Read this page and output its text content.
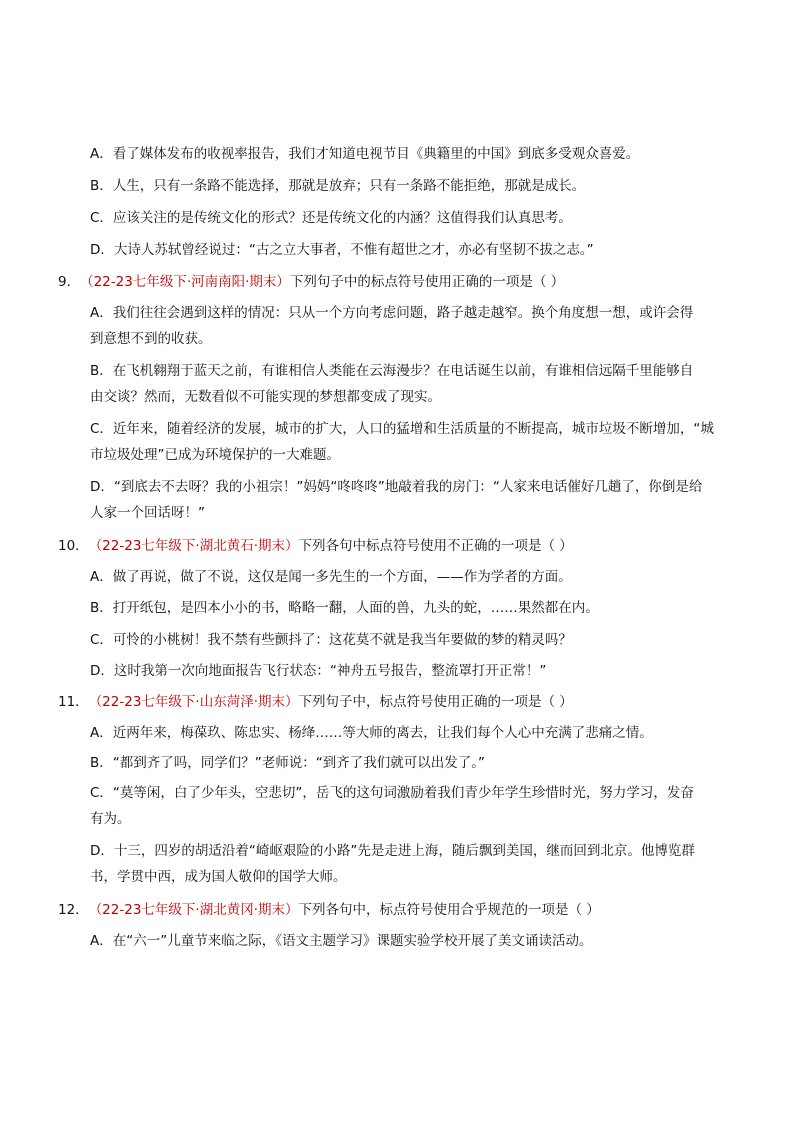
A．看了媒体发布的收视率报告，我们才知道电视节目《典籍里的中国》到底多受观众喜爱。
B．人生，只有一条路不能选择，那就是放弃；只有一条路不能拒绝，那就是成长。
C．应该关注的是传统文化的形式？还是传统文化的内涵？这值得我们认真思考。
D．大诗人苏轼曾经说过：“古之立大事者，不惟有超世之才，亦必有坚韧不拔之志。”
9．（22-23七年级下·河南南阳·期末）下列句子中的标点符号使用正确的一项是（ ）
A．我们往往会遇到这样的情况：只从一个方向考虑问题，路子越走越窄。换个角度想一想，或许会得
到意想不到的收获。
B．在飞机翱翔于蓝天之前，有谁相信人类能在云海漫步？在电话诞生以前，有谁相信远隔千里能够自
由交谈？然而，无数看似不可能实现的梦想都变成了现实。
C．近年来，随着经济的发展，城市的扩大，人口的猛增和生活质量的不断提高，城市垃圾不断增加，“城
市垃圾处理”已成为环境保护的一大难题。
D．“到底去不去呀？我的小祖宗！”妈妈“咚咚咚”地敲着我的房门：“人家来电话催好几趟了，你倒是给
人家一个回话呀！”
10．（22-23七年级下·湖北黄石·期末）下列各句中标点符号使用不正确的一项是（ ）
A．做了再说，做了不说，这仅是闻一多先生的一个方面，——作为学者的方面。
B．打开纸包，是四本小小的书，略略一翻，人面的兽，九头的蛇，……果然都在内。
C．可怜的小桃树！我不禁有些颤抖了：这花莫不就是我当年要做的梦的精灵吗？
D．这时我第一次向地面报告飞行状态：“神舟五号报告，整流罩打开正常！”
11．（22-23七年级下·山东菏泽·期末）下列句子中，标点符号使用正确的一项是（ ）
A．近两年来，梅葆玖、陈忠实、杨绛……等大师的离去，让我们每个人心中充满了悲痛之情。
B．“都到齐了吗，同学们？”老师说：“到齐了我们就可以出发了。”
C．“莫等闲，白了少年头，空悲切”，岳飞的这句词激励着我们青少年学生珍惜时光，努力学习，发奋
有为。
D．十三，四岁的胡适沿着“崎岖艰险的小路”先是走进上海，随后飘到美国，继而回到北京。他博览群
书，学贯中西，成为国人敬仰的国学大师。
12．（22-23七年级下·湖北黄冈·期末）下列各句中，标点符号使用合乎规范的一项是（ ）
A．在“六一”儿童节来临之际，《语文主题学习》课题实验学校开展了美文诵读活动。
